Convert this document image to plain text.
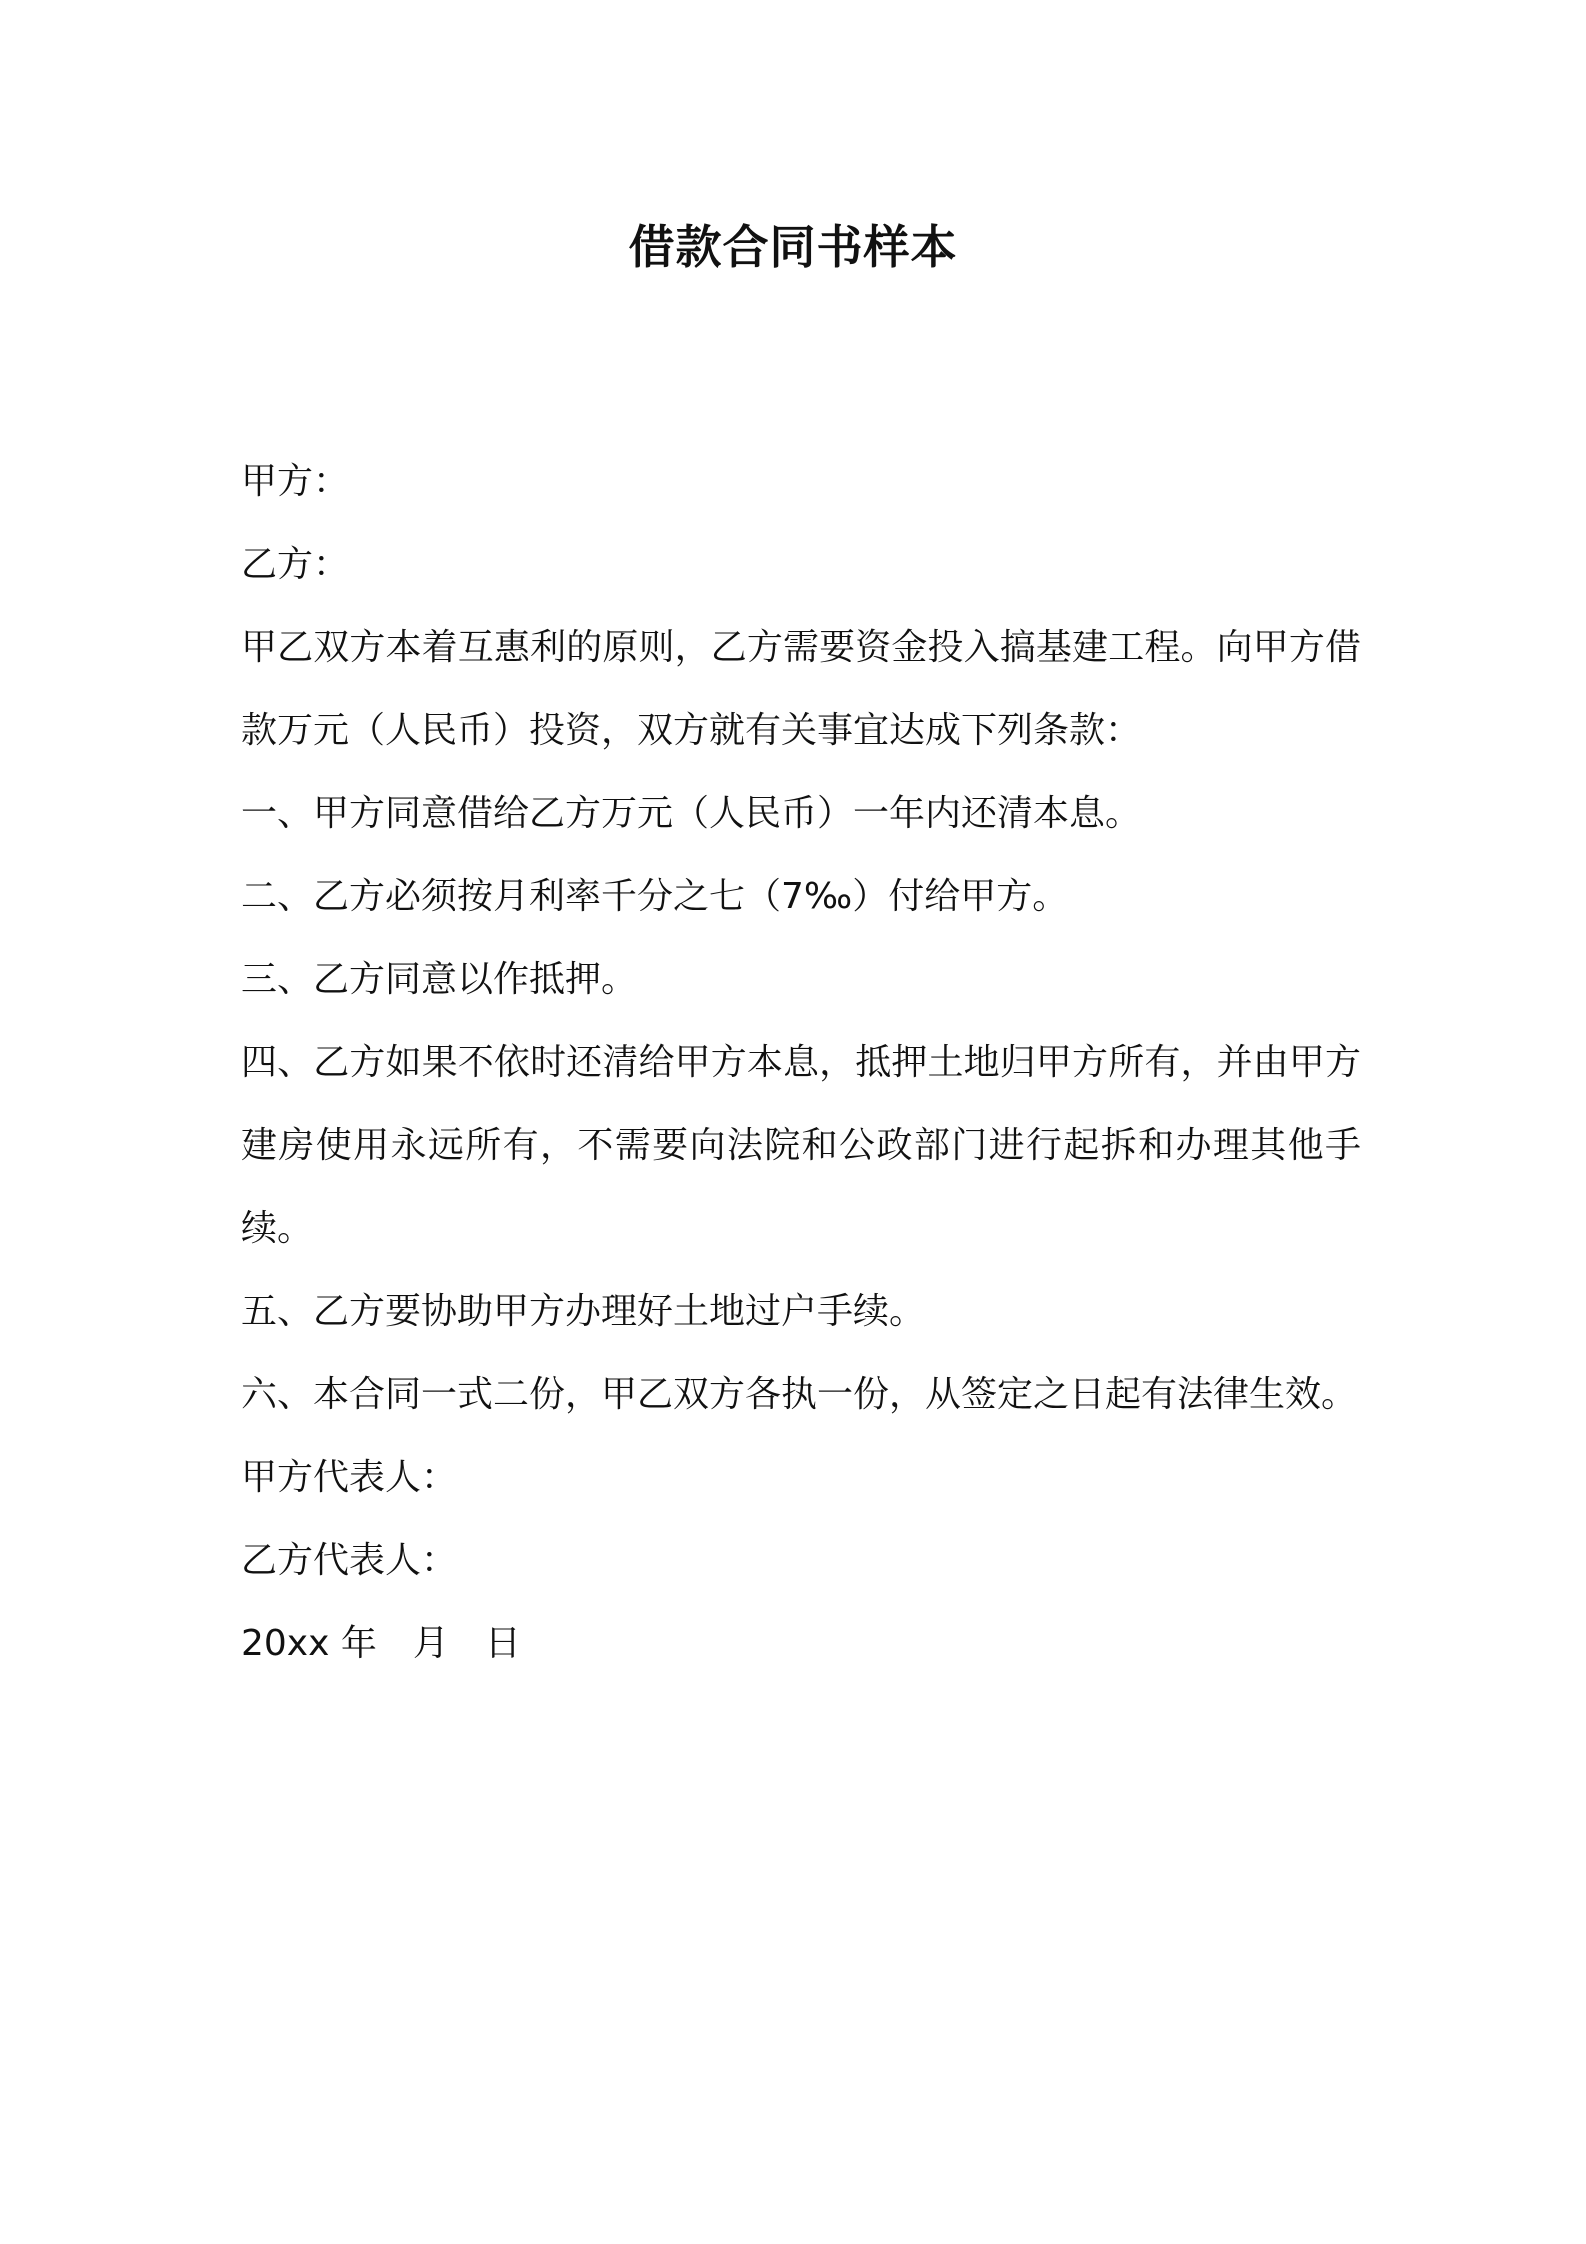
借款合同书样本

甲方：

乙方：

甲乙双方本着互惠利的原则，乙方需要资金投入搞基建工程。向甲方借款万元（人民币）投资，双方就有关事宜达成下列条款：

一、甲方同意借给乙方万元（人民币）一年内还清本息。

二、乙方必须按月利率千分之七（7‰）付给甲方。

三、乙方同意以作抵押。

四、乙方如果不依时还清给甲方本息，抵押土地归甲方所有，并由甲方建房使用永远所有，不需要向法院和公政部门进行起拆和办理其他手续。

五、乙方要协助甲方办理好土地过户手续。

六、本合同一式二份，甲乙双方各执一份，从签定之日起有法律生效。

甲方代表人：

乙方代表人：

20xx 年 月 日
